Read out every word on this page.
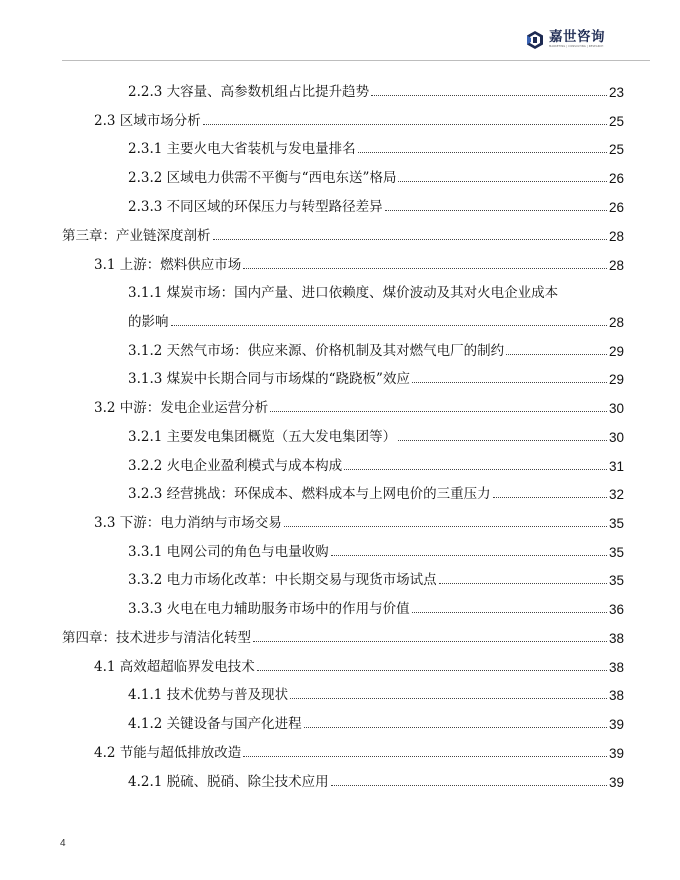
嘉世咨询
MARKETING | CONSULTING | RESEARCH
2.2.3 大容量、高参数机组占比提升趋势	23
2.3 区域市场分析	25
2.3.1 主要火电大省装机与发电量排名	25
2.3.2 区域电力供需不平衡与“西电东送”格局	26
2.3.3 不同区域的环保压力与转型路径差异	26
第三章：产业链深度剖析	28
3.1 上游：燃料供应市场	28
3.1.1 煤炭市场：国内产量、进口依赖度、煤价波动及其对火电企业成本
的影响	28
3.1.2 天然气市场：供应来源、价格机制及其对燃气电厂的制约	29
3.1.3 煤炭中长期合同与市场煤的“跷跷板”效应	29
3.2 中游：发电企业运营分析	30
3.2.1 主要发电集团概览（五大发电集团等）	30
3.2.2 火电企业盈利模式与成本构成	31
3.2.3 经营挑战：环保成本、燃料成本与上网电价的三重压力	32
3.3 下游：电力消纳与市场交易	35
3.3.1 电网公司的角色与电量收购	35
3.3.2 电力市场化改革：中长期交易与现货市场试点	35
3.3.3 火电在电力辅助服务市场中的作用与价值	36
第四章：技术进步与清洁化转型	38
4.1 高效超超临界发电技术	38
4.1.1 技术优势与普及现状	38
4.1.2 关键设备与国产化进程	39
4.2 节能与超低排放改造	39
4.2.1 脱硫、脱硝、除尘技术应用	39
4
